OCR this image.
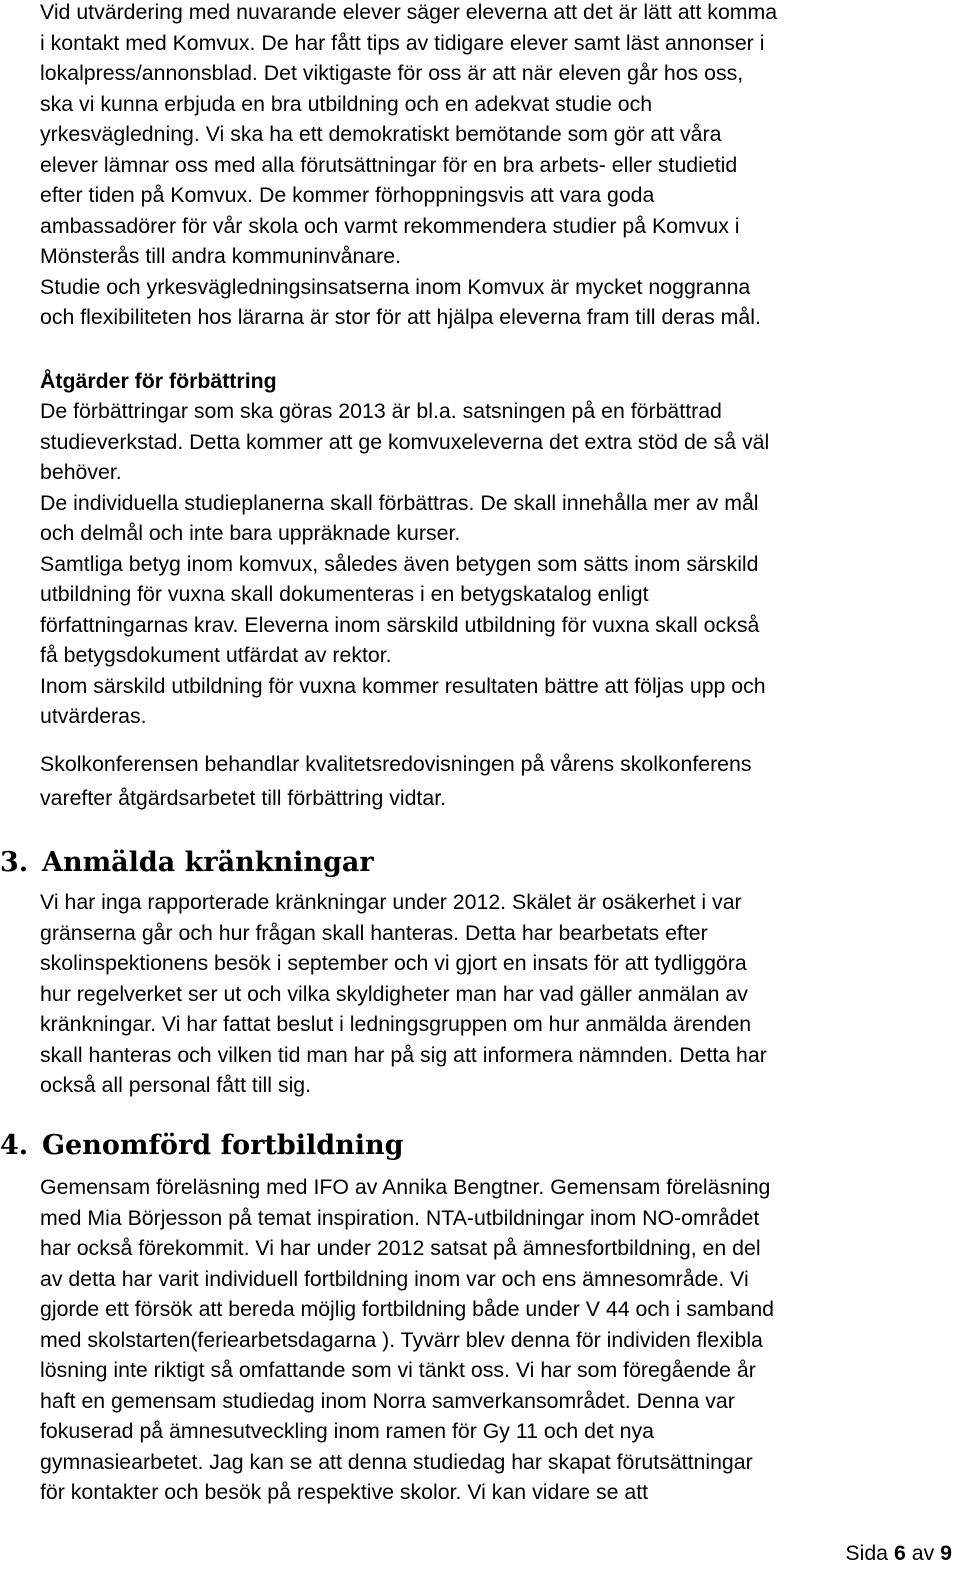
Vid utvärdering med nuvarande elever säger eleverna att det är lätt att komma
i kontakt med Komvux. De har fått tips av tidigare elever samt läst annonser i
lokalpress/annonsblad. Det viktigaste för oss är att när eleven går hos oss,
ska vi kunna erbjuda en bra utbildning och en adekvat studie och
yrkesvägledning. Vi ska ha ett demokratiskt bemötande som gör att våra
elever lämnar oss med alla förutsättningar för en bra arbets- eller studietid
efter tiden på Komvux. De kommer förhoppningsvis att vara goda
ambassadörer för vår skola och varmt rekommendera studier på Komvux i
Mönsterås till andra kommuninvånare.
Studie och yrkesvägledningsinsatserna inom Komvux är mycket noggranna
och flexibiliteten hos lärarna är stor för att hjälpa eleverna fram till deras mål.
Åtgärder för förbättring
De förbättringar som ska göras 2013 är bl.a. satsningen på en förbättrad
studieverkstad. Detta kommer att ge komvuxeleverna det extra stöd de så väl
behöver.
De individuella studieplanerna skall förbättras. De skall innehålla mer av mål
och delmål och inte bara uppräknade kurser.
Samtliga betyg inom komvux, således även betygen som sätts inom särskild
utbildning för vuxna skall dokumenteras i en betygskatalog enligt
författningarnas krav. Eleverna inom särskild utbildning för vuxna skall också
få betygsdokument utfärdat av rektor.
Inom särskild utbildning för vuxna kommer resultaten bättre att följas upp och
utvärderas.
Skolkonferensen behandlar kvalitetsredovisningen på vårens skolkonferens
varefter åtgärdsarbetet till förbättring vidtar.
3. Anmälda kränkningar
Vi har inga rapporterade kränkningar under 2012. Skälet är osäkerhet i var
gränserna går och hur frågan skall hanteras. Detta har bearbetats efter
skolinspektionens besök i september och vi gjort en insats för att tydliggöra
hur regelverket ser ut och vilka skyldigheter man har vad gäller anmälan av
kränkningar. Vi har fattat beslut i ledningsgruppen om hur anmälda ärenden
skall hanteras och vilken tid man har på sig att informera nämnden. Detta har
också all personal fått till sig.
4. Genomförd fortbildning
Gemensam föreläsning med IFO av Annika Bengtner. Gemensam föreläsning
med Mia Börjesson på temat inspiration. NTA-utbildningar inom NO-området
har också förekommit. Vi har under 2012 satsat på ämnesfortbildning, en del
av detta har varit individuell fortbildning inom var och ens ämnesområde. Vi
gjorde ett försök att bereda möjlig fortbildning både under V 44 och i samband
med skolstarten(feriearbetsdagarna ). Tyvärr blev denna för individen flexibla
lösning inte riktigt så omfattande som vi tänkt oss. Vi har som föregående år
haft en gemensam studiedag inom Norra samverkansområdet. Denna var
fokuserad på ämnesutveckling inom ramen för Gy 11 och det nya
gymnasiearbetet. Jag kan se att denna studiedag har skapat förutsättningar
för kontakter och besök på respektive skolor. Vi kan vidare se att
Sida 6 av 9
